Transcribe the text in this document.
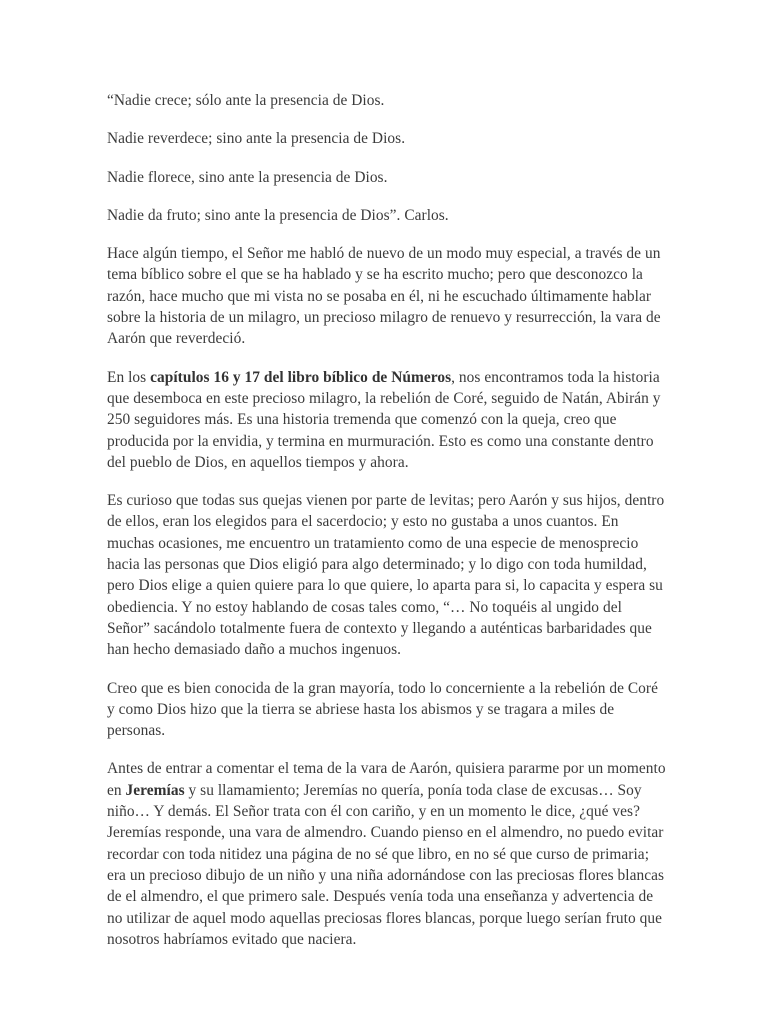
“Nadie crece; sólo ante la presencia de Dios.

Nadie reverdece; sino ante la presencia de Dios.

Nadie florece, sino ante la presencia de Dios.

Nadie da fruto; sino ante la presencia de Dios”. Carlos.

Hace algún tiempo, el Señor me habló de nuevo de un modo muy especial, a través de un tema bíblico sobre el que se ha hablado y se ha escrito mucho; pero que desconozco la razón, hace mucho que mi vista no se posaba en él, ni he escuchado últimamente hablar sobre la historia de un milagro, un precioso milagro de renuevo y resurrección, la vara de Aarón que reverdeció.

En los capítulos 16 y 17 del libro bíblico de Números, nos encontramos toda la historia que desemboca en este precioso milagro, la rebelión de Coré, seguido de Natán, Abirán y 250 seguidores más. Es una historia tremenda que comenzó con la queja, creo que producida por la envidia, y termina en murmuración. Esto es como una constante dentro del pueblo de Dios, en aquellos tiempos y ahora.

Es curioso que todas sus quejas vienen por parte de levitas; pero Aarón y sus hijos, dentro de ellos, eran los elegidos para el sacerdocio; y esto no gustaba a unos cuantos. En muchas ocasiones, me encuentro un tratamiento como de una especie de menosprecio hacia las personas que Dios eligió para algo determinado; y lo digo con toda humildad, pero Dios elige a quien quiere para lo que quiere, lo aparta para si, lo capacita y espera su obediencia. Y no estoy hablando de cosas tales como, “… No toquéis al ungido del Señor” sacándolo totalmente fuera de contexto y llegando a auténticas barbaridades que han hecho demasiado daño a muchos ingenuos.

Creo que es bien conocida de la gran mayoría, todo lo concerniente a la rebelión de Coré y como Dios hizo que la tierra se abriese hasta los abismos y se tragara a miles de personas.

Antes de entrar a comentar el tema de la vara de Aarón, quisiera pararme por un momento en Jeremías y su llamamiento; Jeremías no quería, ponía toda clase de excusas… Soy niño… Y demás. El Señor trata con él con cariño, y en un momento le dice, ¿qué ves? Jeremías responde, una vara de almendro. Cuando pienso en el almendro, no puedo evitar recordar con toda nitidez una página de no sé que libro, en no sé que curso de primaria; era un precioso dibujo de un niño y una niña adornándose con las preciosas flores blancas de el almendro, el que primero sale. Después venía toda una enseñanza y advertencia de no utilizar de aquel modo aquellas preciosas flores blancas, porque luego serían fruto que nosotros habríamos evitado que naciera.
